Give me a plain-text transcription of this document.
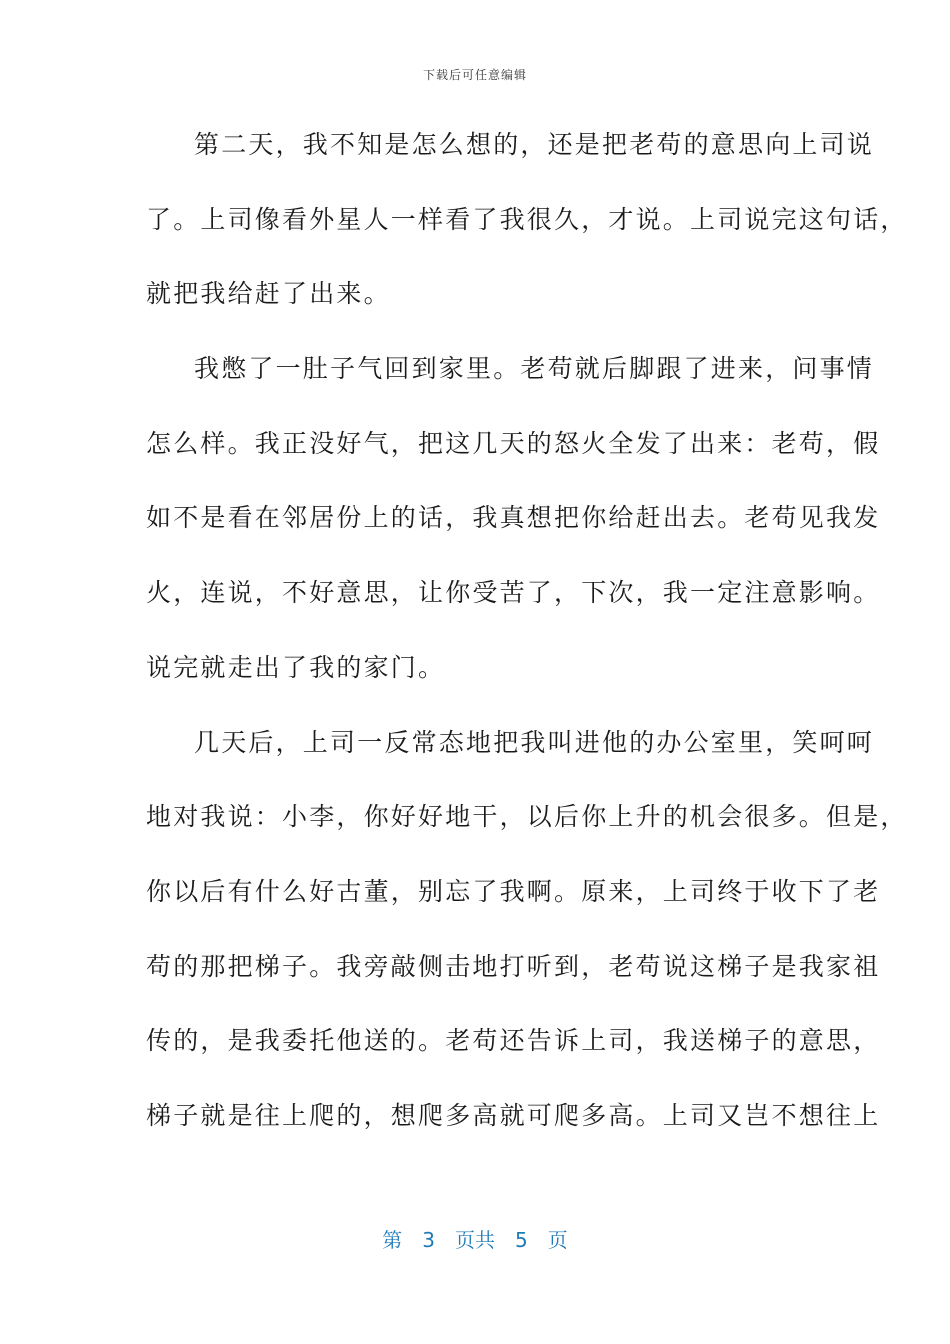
下载后可任意编辑
第二天，我不知是怎么想的，还是把老苟的意思向上司说
了。上司像看外星人一样看了我很久，才说。上司说完这句话，
就把我给赶了出来。
我憋了一肚子气回到家里。老苟就后脚跟了进来，问事情
怎么样。我正没好气，把这几天的怒火全发了出来：老苟，假
如不是看在邻居份上的话，我真想把你给赶出去。老苟见我发
火，连说，不好意思，让你受苦了，下次，我一定注意影响。
说完就走出了我的家门。
几天后，上司一反常态地把我叫进他的办公室里，笑呵呵
地对我说：小李，你好好地干，以后你上升的机会很多。但是，
你以后有什么好古董，别忘了我啊。原来，上司终于收下了老
苟的那把梯子。我旁敲侧击地打听到，老苟说这梯子是我家祖
传的，是我委托他送的。老苟还告诉上司，我送梯子的意思，
梯子就是往上爬的，想爬多高就可爬多高。上司又岂不想往上
第 3 页共 5 页
